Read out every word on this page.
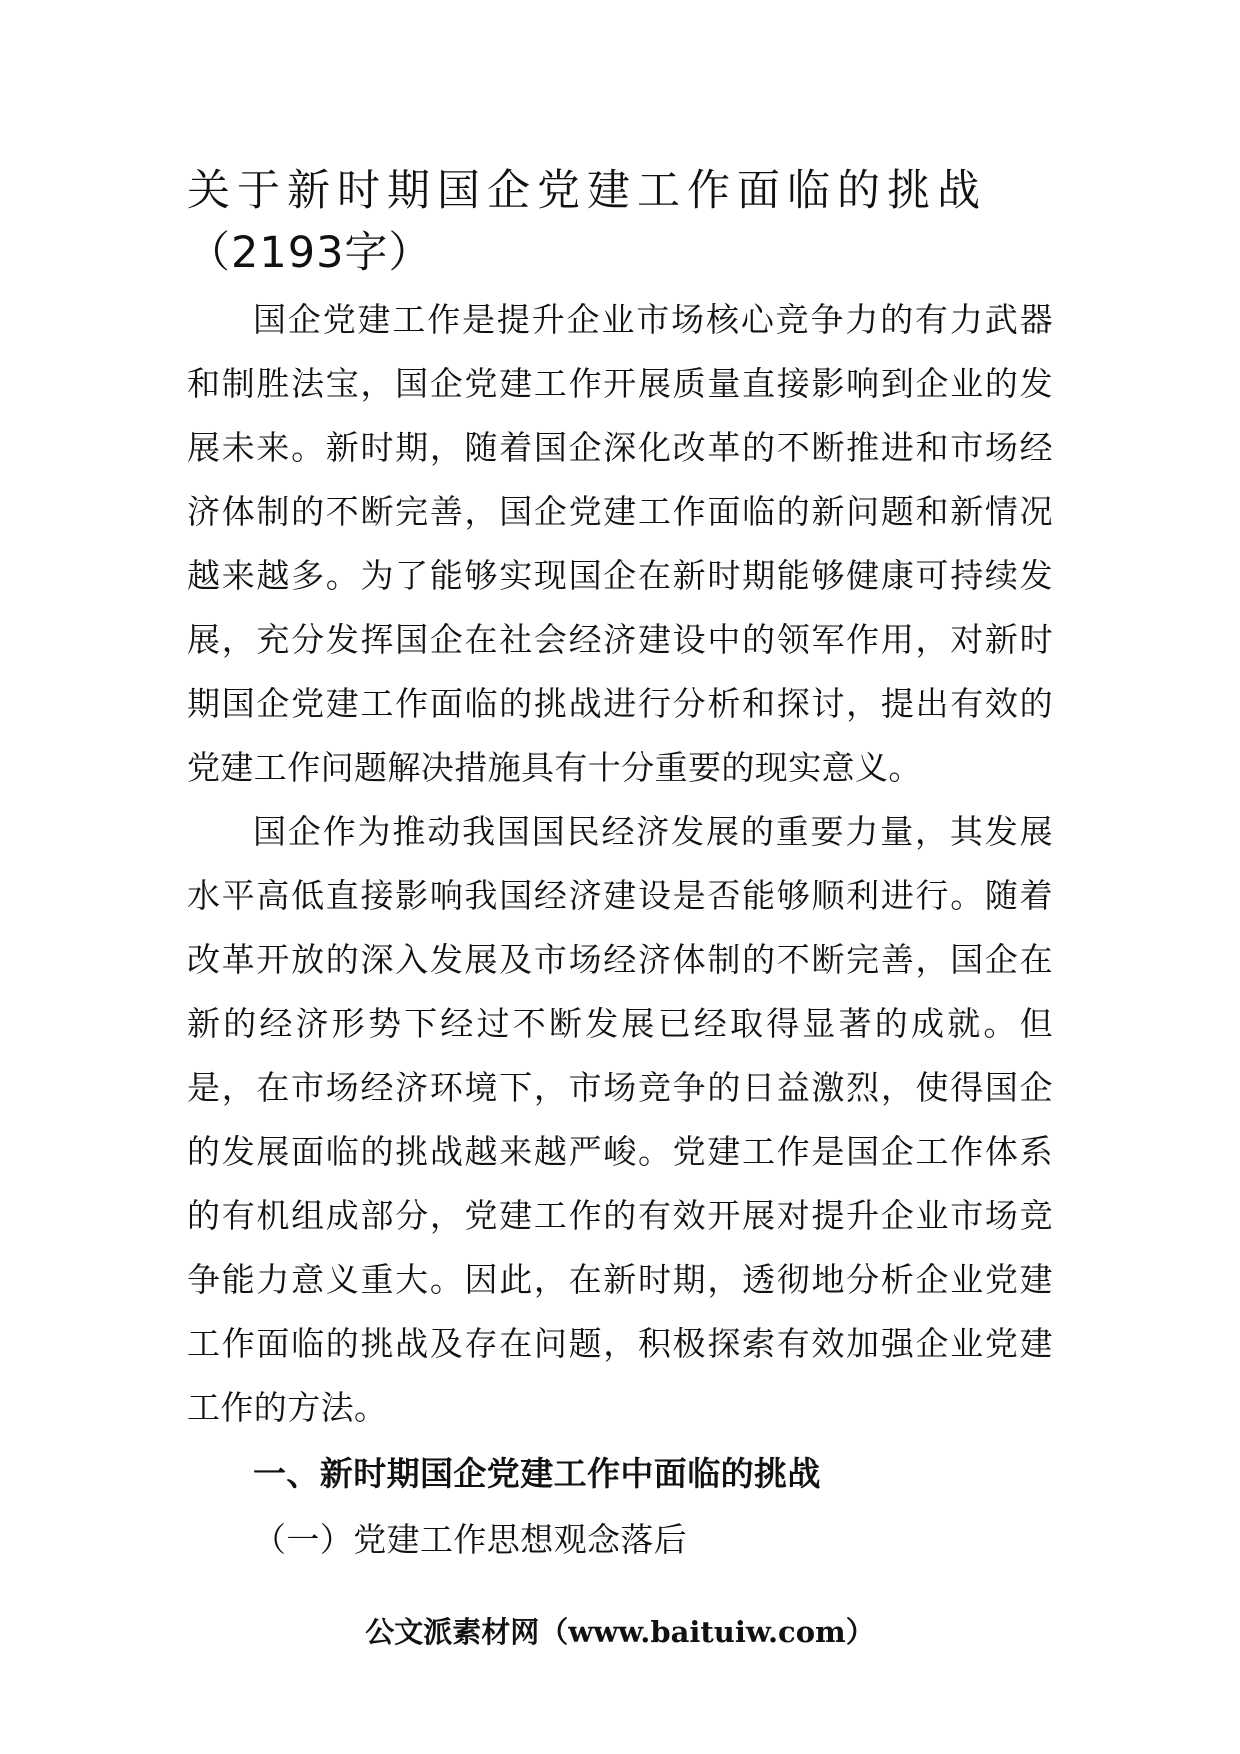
关于新时期国企党建工作面临的挑战
（2193字）

国企党建工作是提升企业市场核心竞争力的有力武器和制胜法宝，国企党建工作开展质量直接影响到企业的发展未来。新时期，随着国企深化改革的不断推进和市场经济体制的不断完善，国企党建工作面临的新问题和新情况越来越多。为了能够实现国企在新时期能够健康可持续发展，充分发挥国企在社会经济建设中的领军作用，对新时期国企党建工作面临的挑战进行分析和探讨，提出有效的党建工作问题解决措施具有十分重要的现实意义。

国企作为推动我国国民经济发展的重要力量，其发展水平高低直接影响我国经济建设是否能够顺利进行。随着改革开放的深入发展及市场经济体制的不断完善，国企在新的经济形势下经过不断发展已经取得显著的成就。但是，在市场经济环境下，市场竞争的日益激烈，使得国企的发展面临的挑战越来越严峻。党建工作是国企工作体系的有机组成部分，党建工作的有效开展对提升企业市场竞争能力意义重大。因此，在新时期，透彻地分析企业党建工作面临的挑战及存在问题，积极探索有效加强企业党建工作的方法。

一、新时期国企党建工作中面临的挑战

（一）党建工作思想观念落后

公文派素材网（www.baituiw.com）
